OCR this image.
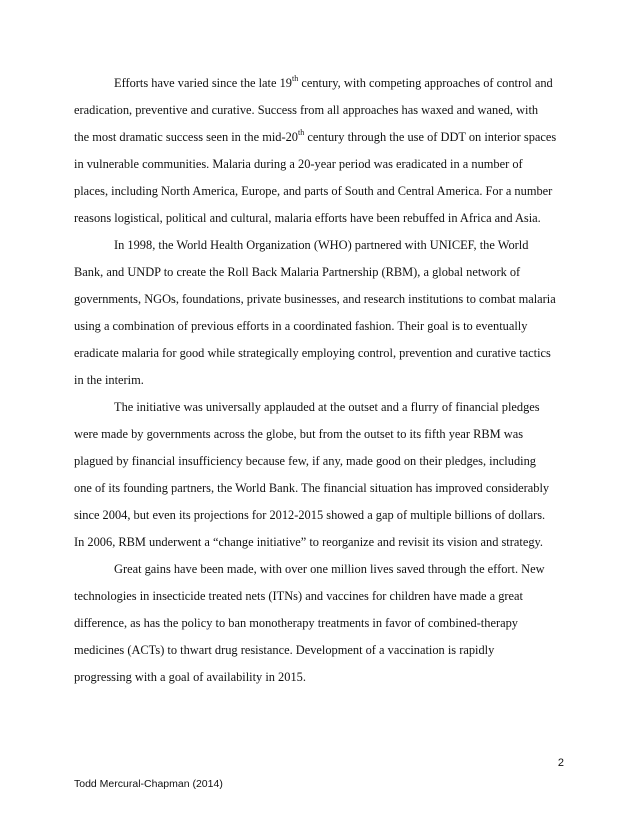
Efforts have varied since the late 19th century, with competing approaches of control and
eradication, preventive and curative. Success from all approaches has waxed and waned, with
the most dramatic success seen in the mid-20th century through the use of DDT on interior spaces
in vulnerable communities. Malaria during a 20-year period was eradicated in a number of
places, including North America, Europe, and parts of South and Central America. For a number
reasons logistical, political and cultural, malaria efforts have been rebuffed in Africa and Asia.
In 1998, the World Health Organization (WHO) partnered with UNICEF, the World
Bank, and UNDP to create the Roll Back Malaria Partnership (RBM), a global network of
governments, NGOs, foundations, private businesses, and research institutions to combat malaria
using a combination of previous efforts in a coordinated fashion. Their goal is to eventually
eradicate malaria for good while strategically employing control, prevention and curative tactics
in the interim.
The initiative was universally applauded at the outset and a flurry of financial pledges
were made by governments across the globe, but from the outset to its fifth year RBM was
plagued by financial insufficiency because few, if any, made good on their pledges, including
one of its founding partners, the World Bank. The financial situation has improved considerably
since 2004, but even its projections for 2012-2015 showed a gap of multiple billions of dollars.
In 2006, RBM underwent a “change initiative” to reorganize and revisit its vision and strategy.
Great gains have been made, with over one million lives saved through the effort. New
technologies in insecticide treated nets (ITNs) and vaccines for children have made a great
difference, as has the policy to ban monotherapy treatments in favor of combined-therapy
medicines (ACTs) to thwart drug resistance. Development of a vaccination is rapidly
progressing with a goal of availability in 2015.
2
Todd Mercural-Chapman (2014)
